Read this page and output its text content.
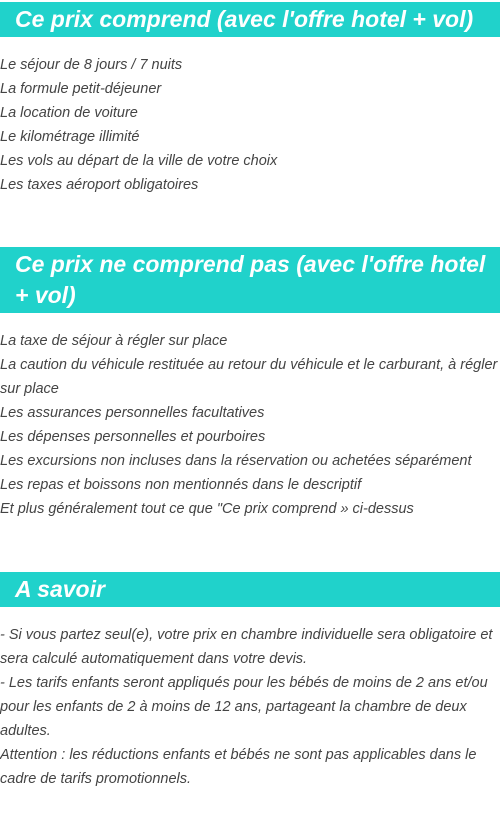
Ce prix comprend (avec l'offre hotel + vol)
Le séjour de 8 jours / 7 nuits
La formule petit-déjeuner
La location de voiture
Le kilométrage illimité
Les vols au départ de la ville de votre choix
Les taxes aéroport obligatoires
Ce prix ne comprend pas (avec l'offre hotel + vol)
La taxe de séjour à régler sur place
La caution du véhicule restituée au retour du véhicule et le carburant, à régler sur place
Les assurances personnelles facultatives
Les dépenses personnelles et pourboires
Les excursions non incluses dans la réservation ou achetées séparément
Les repas et boissons non mentionnés dans le descriptif
Et plus généralement tout ce que "Ce prix comprend » ci-dessus
A savoir
- Si vous partez seul(e), votre prix en chambre individuelle sera obligatoire et sera calculé automatiquement dans votre devis.
- Les tarifs enfants seront appliqués pour les bébés de moins de 2 ans et/ou pour les enfants de 2 à moins de 12 ans, partageant la chambre de deux adultes.
Attention : les réductions enfants et bébés ne sont pas applicables dans le cadre de tarifs promotionnels.
